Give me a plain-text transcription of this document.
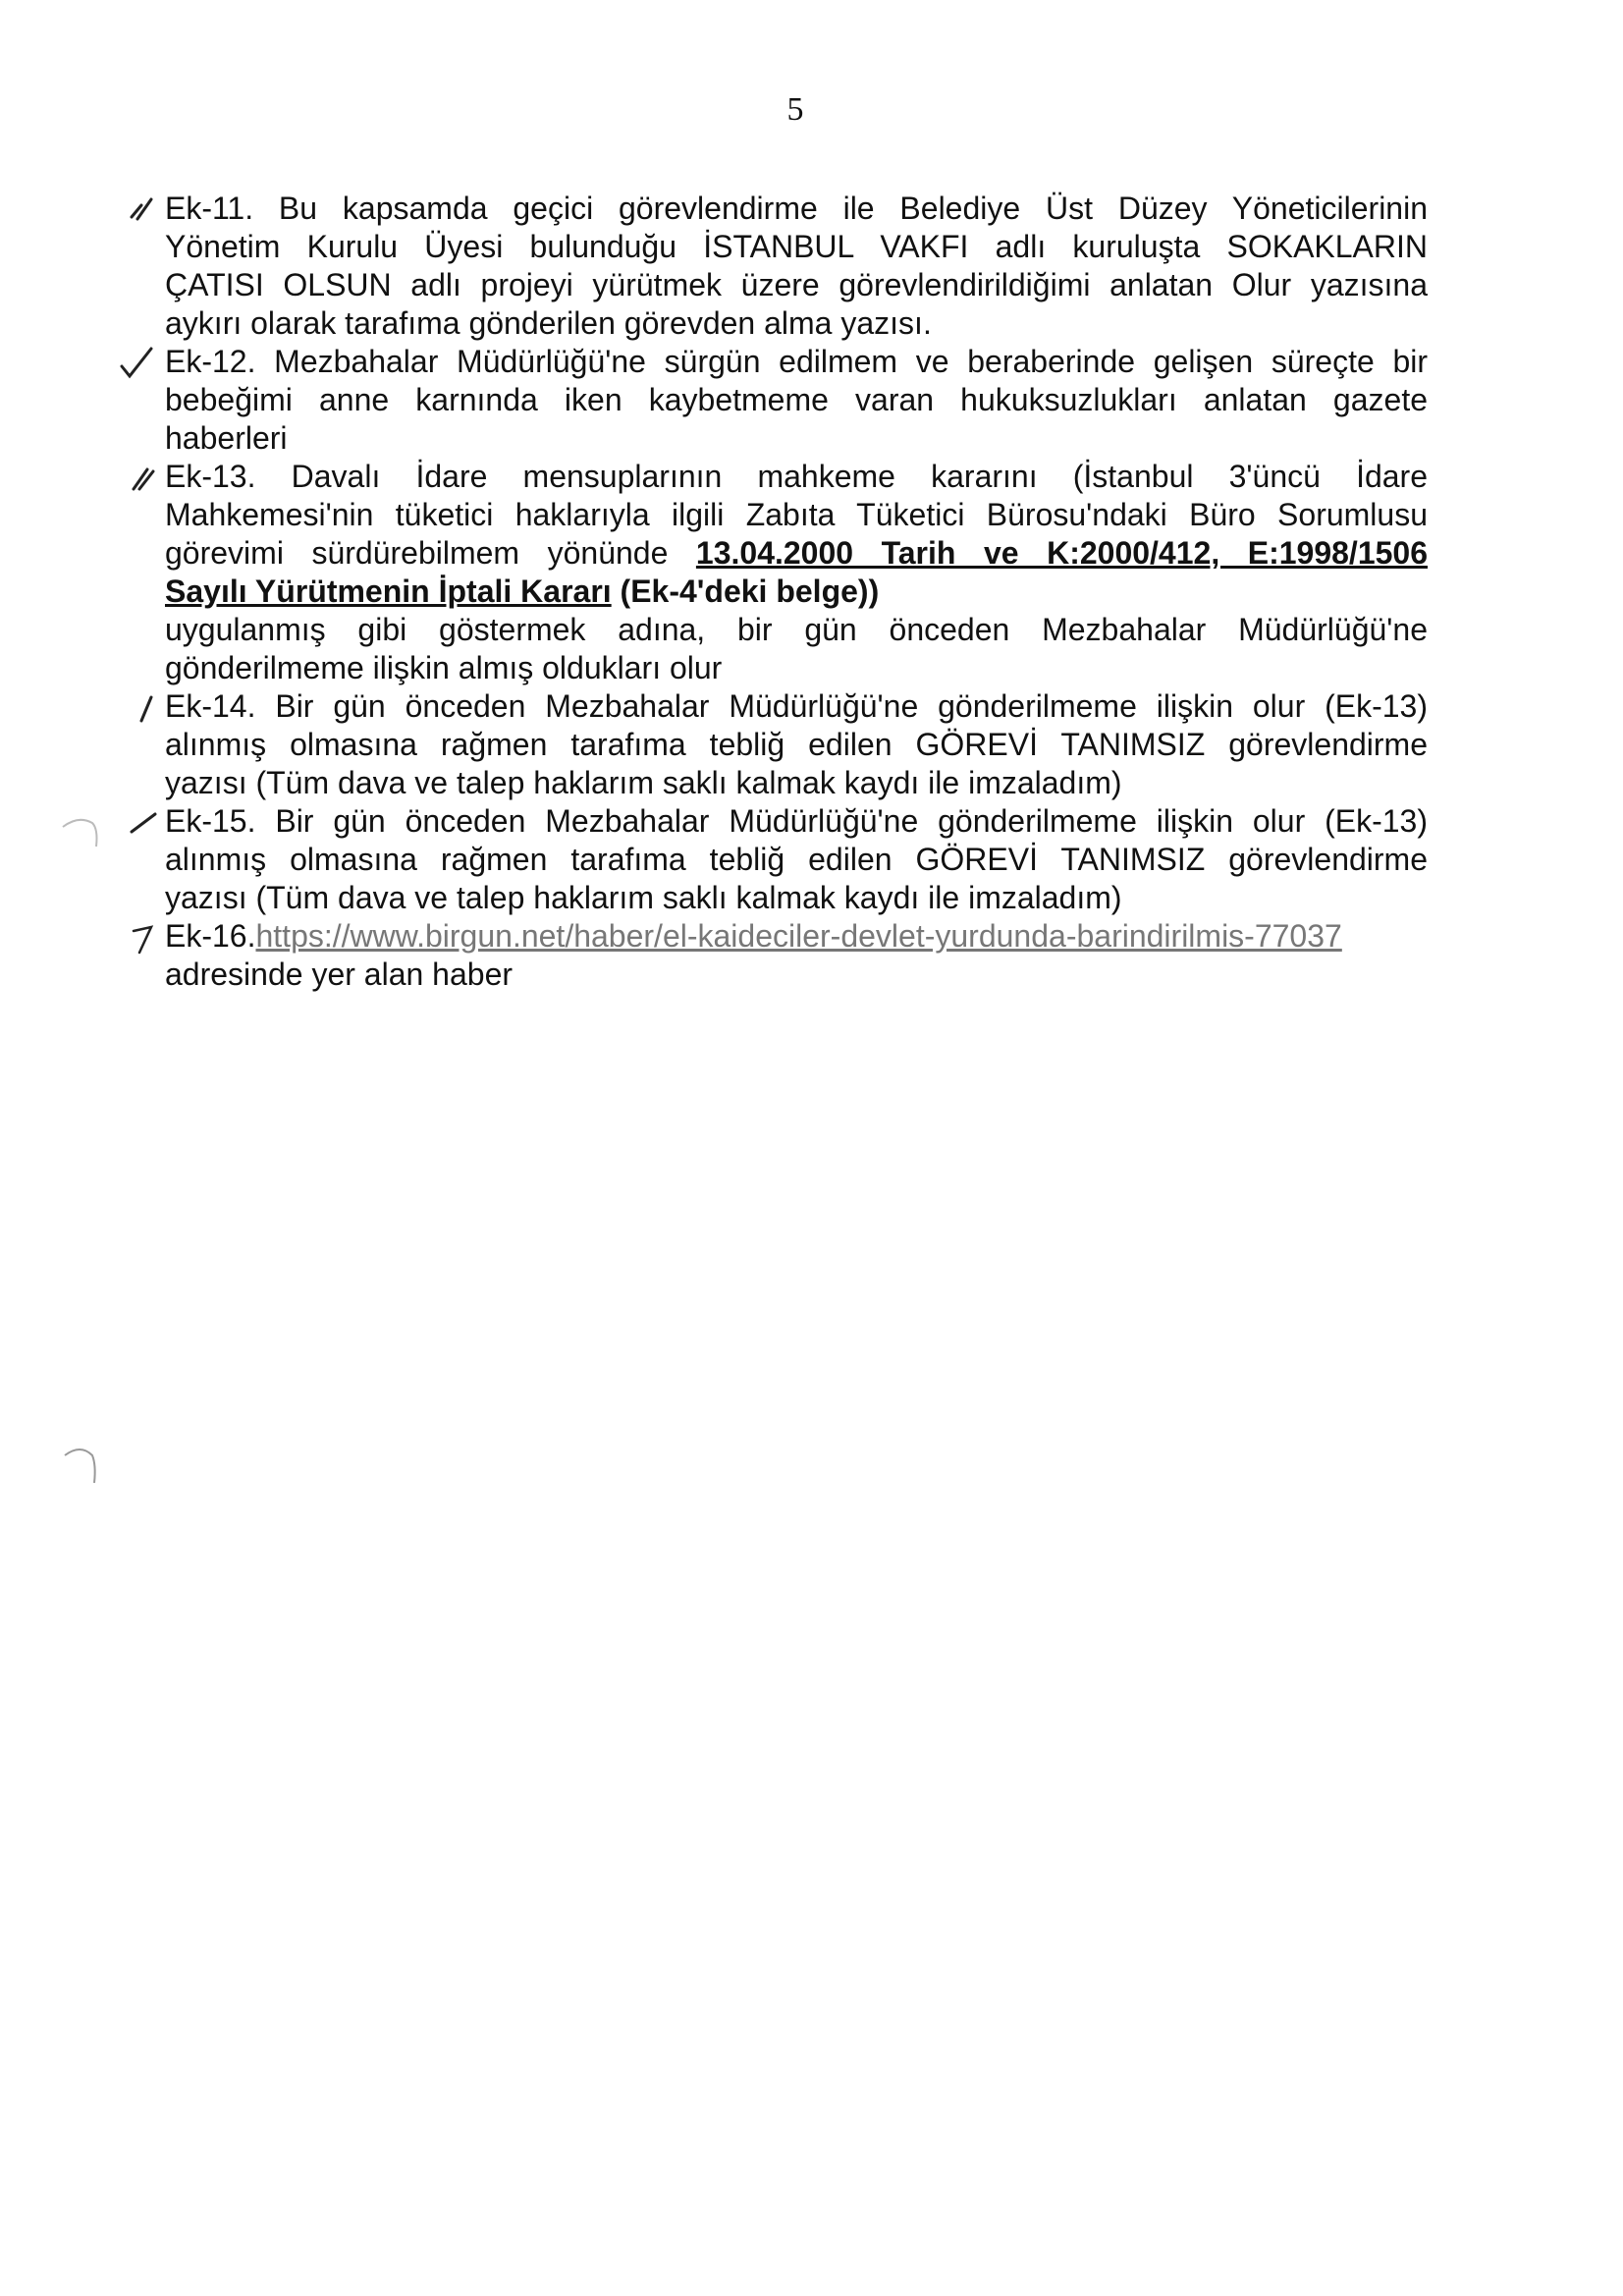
5
Ek-11. Bu kapsamda geçici görevlendirme ile Belediye Üst Düzey Yöneticilerinin
Yönetim Kurulu Üyesi bulunduğu İSTANBUL VAKFI adlı kuruluşta SOKAKLARIN
ÇATISI OLSUN adlı projeyi yürütmek üzere görevlendirildiğimi anlatan Olur yazısına
aykırı olarak tarafıma gönderilen görevden alma yazısı.
Ek-12. Mezbahalar Müdürlüğü'ne sürgün edilmem ve beraberinde gelişen süreçte bir
bebeğimi anne karnında iken kaybetmeme varan hukuksuzlukları anlatan gazete
haberleri
Ek-13. Davalı İdare mensuplarının mahkeme kararını (İstanbul 3'üncü İdare
Mahkemesi'nin tüketici haklarıyla ilgili Zabıta Tüketici Bürosu'ndaki Büro Sorumlusu
görevimi sürdürebilmem yönünde 13.04.2000 Tarih ve K:2000/412, E:1998/1506
Sayılı Yürütmenin İptali Kararı (Ek-4'deki belge))
uygulanmış gibi göstermek adına, bir gün önceden Mezbahalar Müdürlüğü'ne
gönderilmeme ilişkin almış oldukları olur
Ek-14. Bir gün önceden Mezbahalar Müdürlüğü'ne gönderilmeme ilişkin olur (Ek-13)
alınmış olmasına rağmen tarafıma tebliğ edilen GÖREVİ TANIMSIZ görevlendirme
yazısı (Tüm dava ve talep haklarım saklı kalmak kaydı ile imzaladım)
Ek-15. Bir gün önceden Mezbahalar Müdürlüğü'ne gönderilmeme ilişkin olur (Ek-13)
alınmış olmasına rağmen tarafıma tebliğ edilen GÖREVİ TANIMSIZ görevlendirme
yazısı (Tüm dava ve talep haklarım saklı kalmak kaydı ile imzaladım)
Ek-16.https://www.birgun.net/haber/el-kaideciler-devlet-yurdunda-barindirilmis-77037
adresinde yer alan haber
